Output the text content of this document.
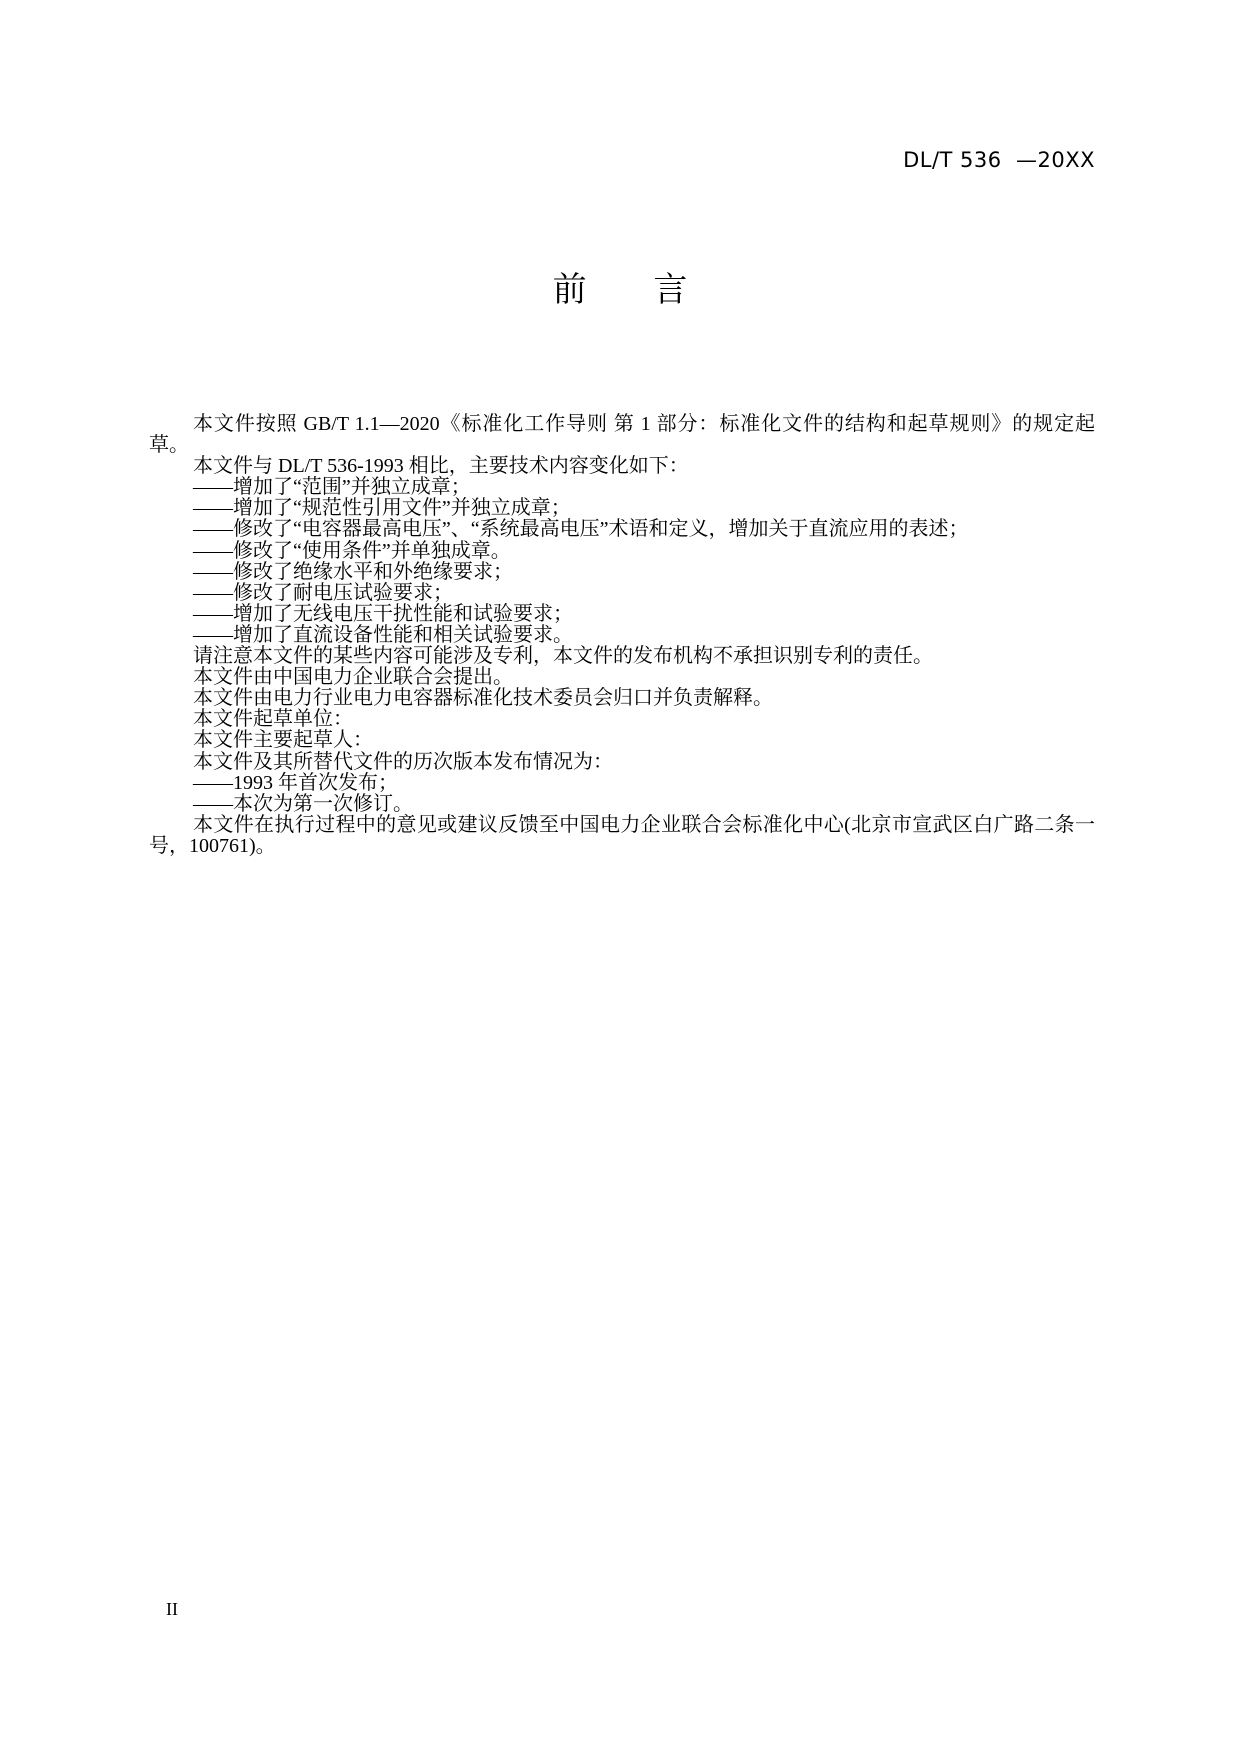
DL/T 536  —20XX
前 言

本文件按照 GB/T 1.1—2020《标准化工作导则 第 1 部分：标准化文件的结构和起草规则》的规定起草。

本文件与 DL/T 536-1993 相比，主要技术内容变化如下：

——增加了“范围”并独立成章；

——增加了“规范性引用文件”并独立成章；

——修改了“电容器最高电压”、“系统最高电压”术语和定义，增加关于直流应用的表述；

——修改了“使用条件”并单独成章。

——修改了绝缘水平和外绝缘要求；

——修改了耐电压试验要求；

——增加了无线电压干扰性能和试验要求；

——增加了直流设备性能和相关试验要求。

请注意本文件的某些内容可能涉及专利，本文件的发布机构不承担识别专利的责任。

本文件由中国电力企业联合会提出。

本文件由电力行业电力电容器标准化技术委员会归口并负责解释。

本文件起草单位：

本文件主要起草人：

本文件及其所替代文件的历次版本发布情况为：

——1993 年首次发布；

——本次为第一次修订。

本文件在执行过程中的意见或建议反馈至中国电力企业联合会标准化中心(北京市宣武区白广路二条一号，100761)。

II
